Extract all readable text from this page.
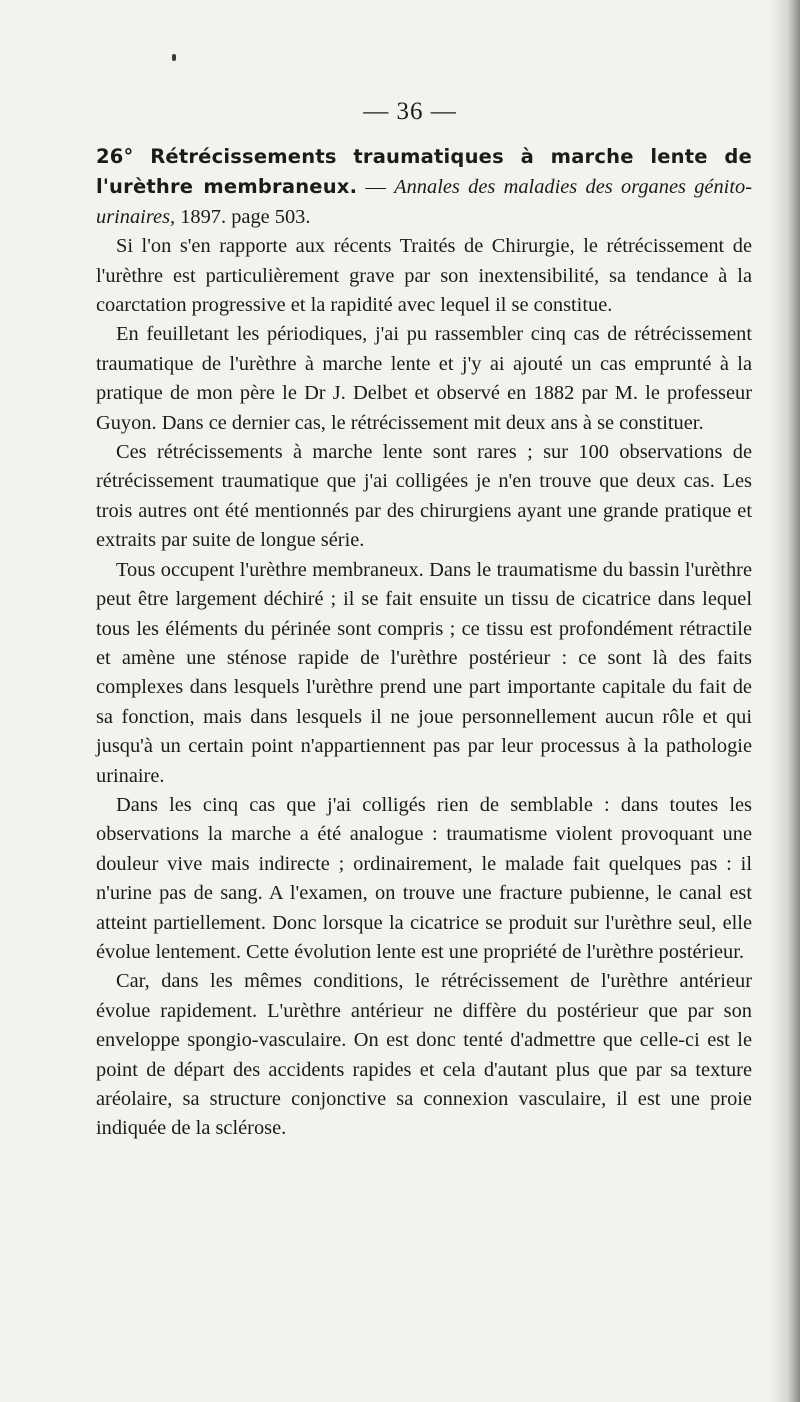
— 36 —

26° Rétrécissements traumatiques à marche lente de l'urèthre membraneux. — Annales des maladies des organes génito-urinaires, 1897. page 503.

Si l'on s'en rapporte aux récents Traités de Chirurgie, le rétrécissement de l'urèthre est particulièrement grave par son inextensibilité, sa tendance à la coarctation progressive et la rapidité avec lequel il se constitue.

En feuilletant les périodiques, j'ai pu rassembler cinq cas de rétrécissement traumatique de l'urèthre à marche lente et j'y ai ajouté un cas emprunté à la pratique de mon père le Dr J. Delbet et observé en 1882 par M. le professeur Guyon. Dans ce dernier cas, le rétrécissement mit deux ans à se constituer.

Ces rétrécissements à marche lente sont rares ; sur 100 observations de rétrécissement traumatique que j'ai colligées je n'en trouve que deux cas. Les trois autres ont été mentionnés par des chirurgiens ayant une grande pratique et extraits par suite de longue série.

Tous occupent l'urèthre membraneux. Dans le traumatisme du bassin l'urèthre peut être largement déchiré ; il se fait ensuite un tissu de cicatrice dans lequel tous les éléments du périnée sont compris ; ce tissu est profondément rétractile et amène une sténose rapide de l'urèthre postérieur : ce sont là des faits complexes dans lesquels l'urèthre prend une part importante capitale du fait de sa fonction, mais dans lesquels il ne joue personnellement aucun rôle et qui jusqu'à un certain point n'appartiennent pas par leur processus à la pathologie urinaire.

Dans les cinq cas que j'ai colligés rien de semblable : dans toutes les observations la marche a été analogue : traumatisme violent provoquant une douleur vive mais indirecte ; ordinairement, le malade fait quelques pas : il n'urine pas de sang. A l'examen, on trouve une fracture pubienne, le canal est atteint partiellement. Donc lorsque la cicatrice se produit sur l'urèthre seul, elle évolue lentement. Cette évolution lente est une propriété de l'urèthre postérieur.

Car, dans les mêmes conditions, le rétrécissement de l'urèthre antérieur évolue rapidement. L'urèthre antérieur ne diffère du postérieur que par son enveloppe spongio-vasculaire. On est donc tenté d'admettre que celle-ci est le point de départ des accidents rapides et cela d'autant plus que par sa texture aréolaire, sa structure conjonctive sa connexion vasculaire, il est une proie indiquée de la sclérose.
